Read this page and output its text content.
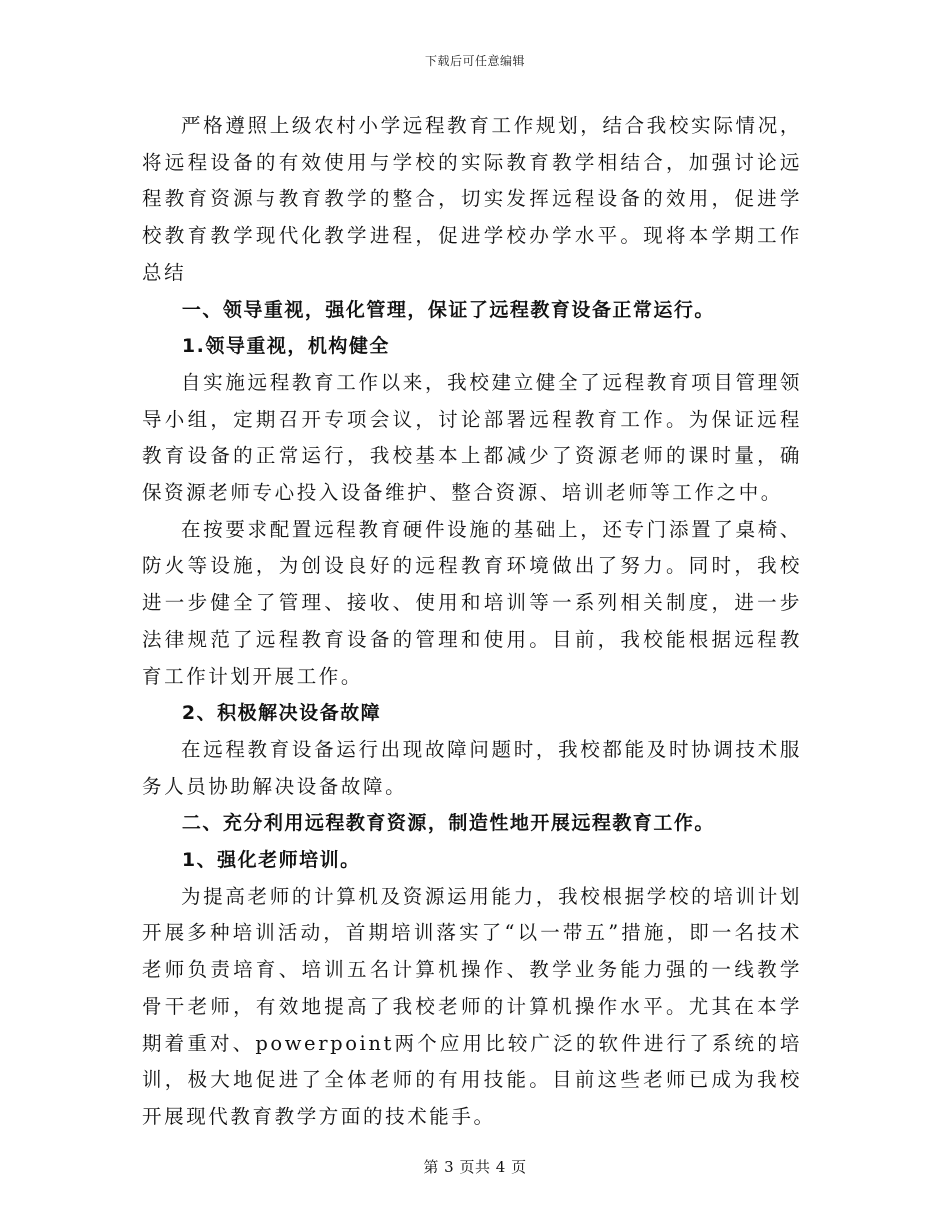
下载后可任意编辑

严格遵照上级农村小学远程教育工作规划，结合我校实际情况，将远程设备的有效使用与学校的实际教育教学相结合，加强讨论远程教育资源与教育教学的整合，切实发挥远程设备的效用，促进学校教育教学现代化教学进程，促进学校办学水平。现将本学期工作总结

一、领导重视，强化管理，保证了远程教育设备正常运行。

1.领导重视，机构健全

自实施远程教育工作以来，我校建立健全了远程教育项目管理领导小组，定期召开专项会议，讨论部署远程教育工作。为保证远程教育设备的正常运行，我校基本上都减少了资源老师的课时量，确保资源老师专心投入设备维护、整合资源、培训老师等工作之中。

在按要求配置远程教育硬件设施的基础上，还专门添置了桌椅、防火等设施，为创设良好的远程教育环境做出了努力。同时，我校进一步健全了管理、接收、使用和培训等一系列相关制度，进一步法律规范了远程教育设备的管理和使用。目前，我校能根据远程教育工作计划开展工作。

2、积极解决设备故障

在远程教育设备运行出现故障问题时，我校都能及时协调技术服务人员协助解决设备故障。

二、充分利用远程教育资源，制造性地开展远程教育工作。

1、强化老师培训。

为提高老师的计算机及资源运用能力，我校根据学校的培训计划开展多种培训活动，首期培训落实了“以一带五”措施，即一名技术老师负责培育、培训五名计算机操作、教学业务能力强的一线教学骨干老师，有效地提高了我校老师的计算机操作水平。尤其在本学期着重对、powerpoint两个应用比较广泛的软件进行了系统的培训，极大地促进了全体老师的有用技能。目前这些老师已成为我校开展现代教育教学方面的技术能手。

第 3 页共 4 页
